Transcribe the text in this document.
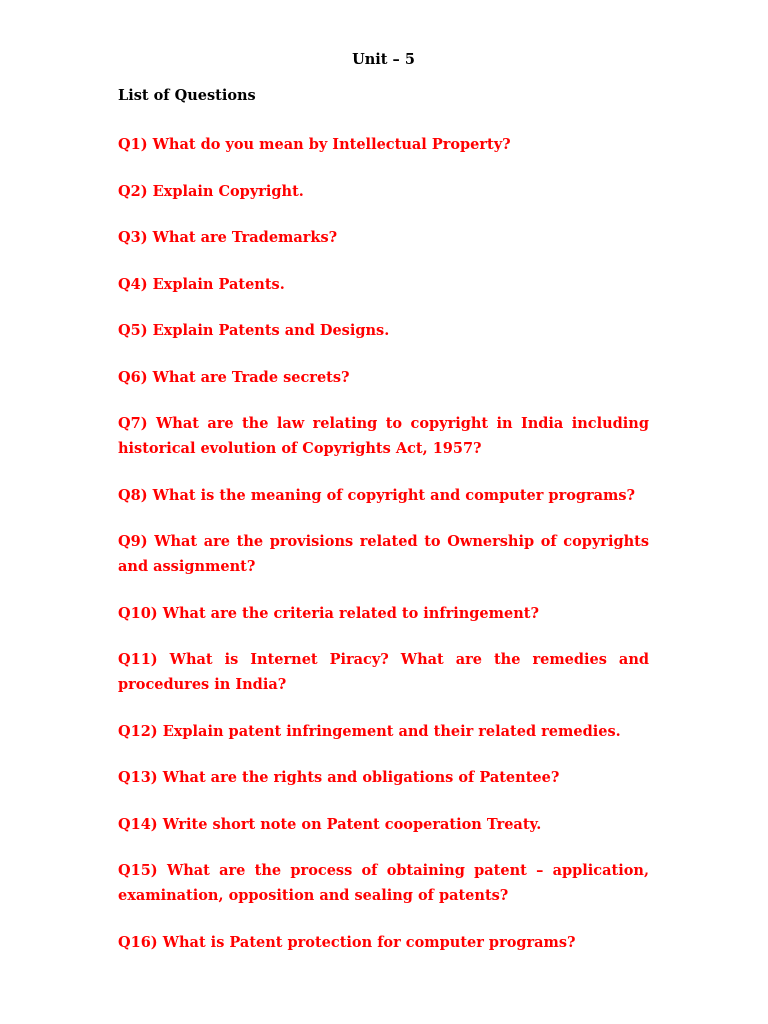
Unit – 5

List of Questions

Q1) What do you mean by Intellectual Property?
Q2) Explain Copyright.
Q3) What are Trademarks?
Q4) Explain Patents.
Q5) Explain Patents and Designs.
Q6) What are Trade secrets?
Q7) What are the law relating to copyright in India including historical evolution of Copyrights Act, 1957?
Q8) What is the meaning of copyright and computer programs?
Q9) What are the provisions related to Ownership of copyrights and assignment?
Q10) What are the criteria related to infringement?
Q11) What is Internet Piracy? What are the remedies and procedures in India?
Q12) Explain patent infringement and their related remedies.
Q13) What are the rights and obligations of Patentee?
Q14) Write short note on Patent cooperation Treaty.
Q15) What are the process of obtaining patent – application, examination, opposition and sealing of patents?
Q16) What is Patent protection for computer programs?
